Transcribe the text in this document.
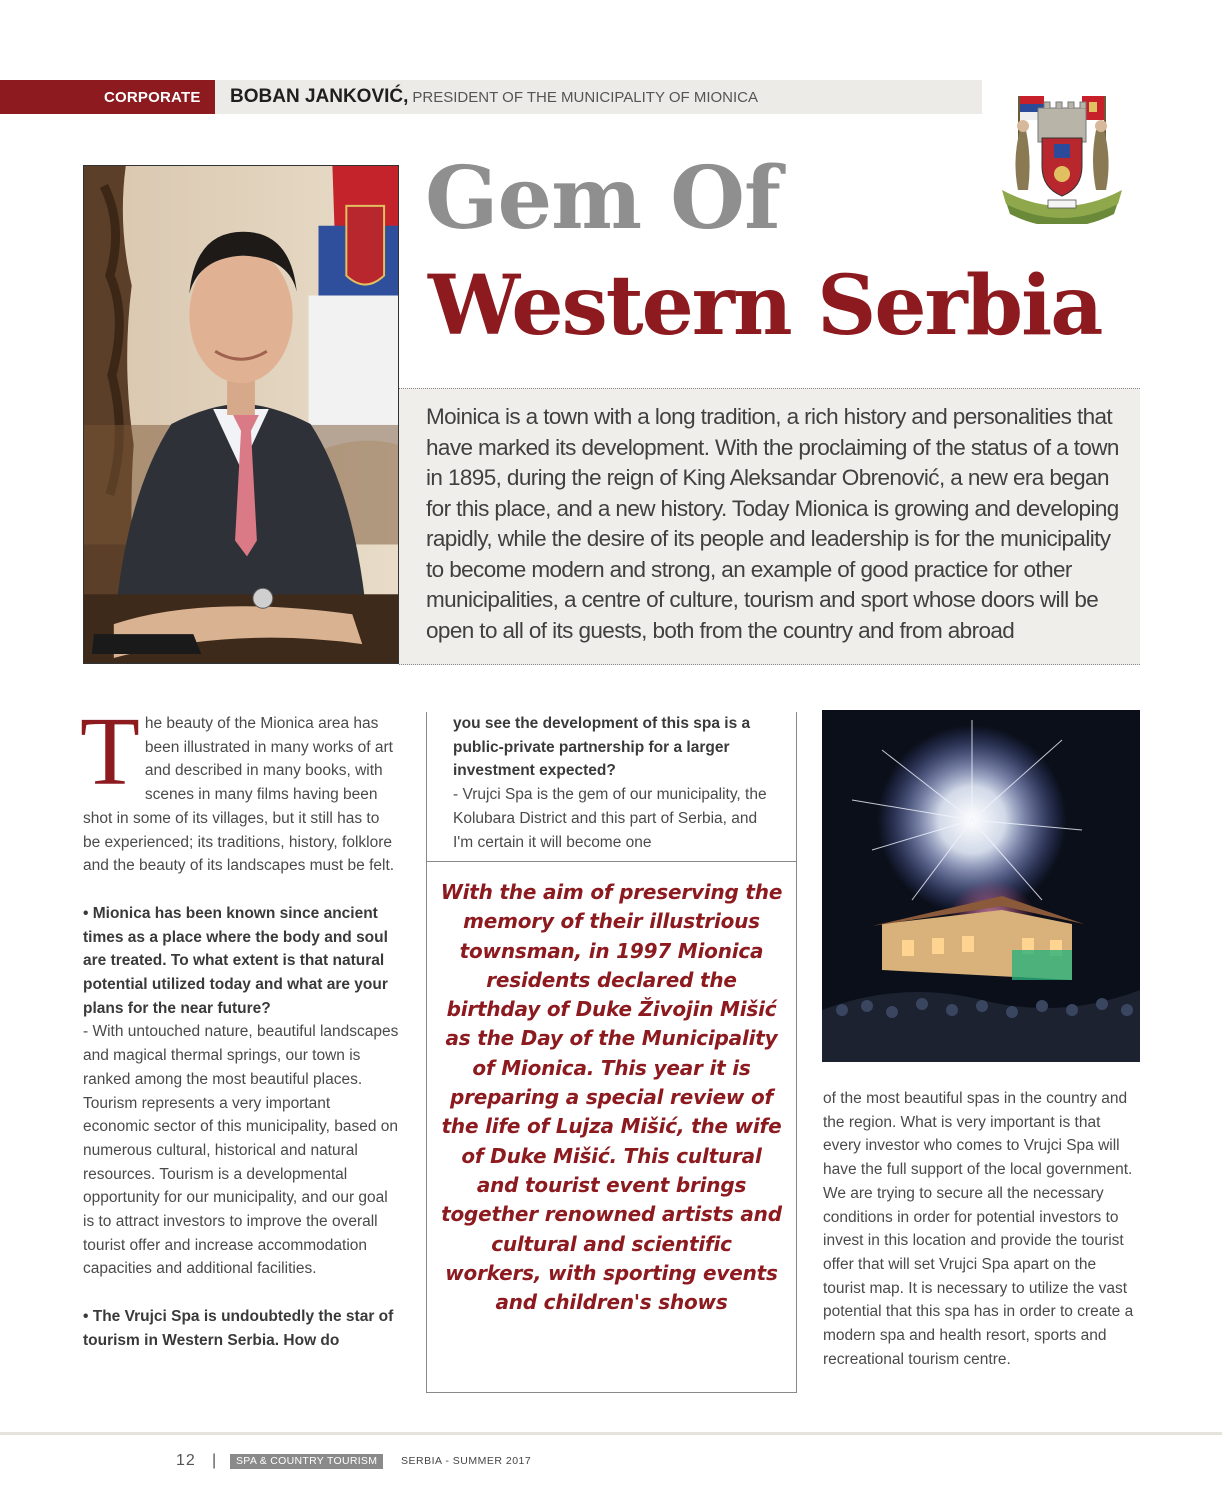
CORPORATE BOBAN JANKOVIĆ, PRESIDENT OF THE MUNICIPALITY OF MIONICA
Gem Of
Western Serbia

Moinica is a town with a long tradition, a rich history and personalities that have marked its development. With the proclaiming of the status of a town in 1895, during the reign of King Aleksandar Obrenović, a new era began for this place, and a new history. Today Mionica is growing and developing rapidly, while the desire of its people and leadership is for the municipality to become modern and strong, an example of good practice for other municipalities, a centre of culture, tourism and sport whose doors will be open to all of its guests, both from the country and from abroad

T he beauty of the Mionica area has been illustrated in many works of art and described in many books, with scenes in many films having been shot in some of its villages, but it still has to be experienced; its traditions, history, folklore and the beauty of its landscapes must be felt.

• Mionica has been known since ancient times as a place where the body and soul are treated. To what extent is that natural potential utilized today and what are your plans for the near future?

- With untouched nature, beautiful landscapes and magical thermal springs, our town is ranked among the most beautiful places. Tourism represents a very important economic sector of this municipality, based on numerous cultural, historical and natural resources. Tourism is a developmental opportunity for our municipality, and our goal is to attract investors to improve the overall tourist offer and increase accommodation capacities and additional facilities.

• The Vrujci Spa is undoubtedly the star of tourism in Western Serbia. How do

you see the development of this spa is a public-private partnership for a larger investment expected?

- Vrujci Spa is the gem of our municipality, the Kolubara District and this part of Serbia, and I'm certain it will become one

With the aim of preserving the memory of their illustrious townsman, in 1997 Mionica residents declared the birthday of Duke Živojin Mišić as the Day of the Municipality of Mionica. This year it is preparing a special review of the life of Lujza Mišić, the wife of Duke Mišić. This cultural and tourist event brings together renowned artists and cultural and scientific workers, with sporting events and children's shows

of the most beautiful spas in the country and the region. What is very important is that every investor who comes to Vrujci Spa will have the full support of the local government. We are trying to secure all the necessary conditions in order for potential investors to invest in this location and provide the tourist offer that will set Vrujci Spa apart on the tourist map. It is necessary to utilize the vast potential that this spa has in order to create a modern spa and health resort, sports and recreational tourism centre.

12 |	SPA & COUNTRY TOURISM	SERBIA - SUMMER 2017
